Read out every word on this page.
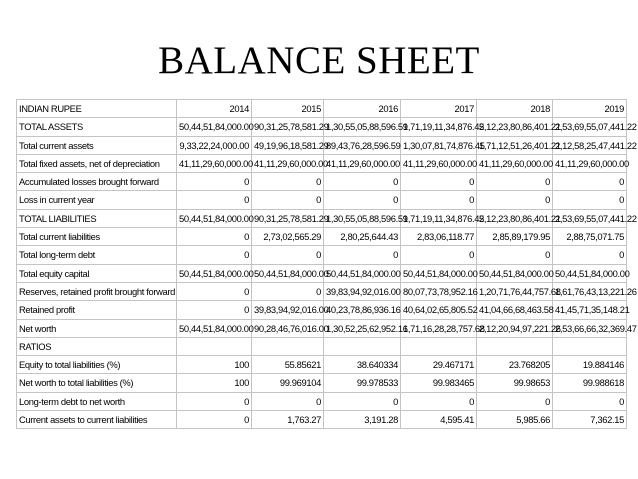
BALANCE SHEET
INDIAN RUPEE	2014	2015	2016	2017	2018	2019
TOTAL ASSETS	50,44,51,84,000.00	90,31,25,78,581.29	1,30,55,05,88,596.59	1,71,19,11,34,876.45	2,12,23,80,86,401.21	2,53,69,55,07,441.22
Total current assets	9,33,22,24,000.00	49,19,96,18,581.29	89,43,76,28,596.59	1,30,07,81,74,876.45	1,71,12,51,26,401.21	2,12,58,25,47,441.22
Total fixed assets, net of depreciation	41,11,29,60,000.00	41,11,29,60,000.00	41,11,29,60,000.00	41,11,29,60,000.00	41,11,29,60,000.00	41,11,29,60,000.00
Accumulated losses brought forward	0	0	0	0	0	0
Loss in current year	0	0	0	0	0	0
TOTAL LIABILITIES	50,44,51,84,000.00	90,31,25,78,581.29	1,30,55,05,88,596.59	1,71,19,11,34,876.45	2,12,23,80,86,401.21	2,53,69,55,07,441.22
Total current liabilities	0	2,73,02,565.29	2,80,25,644.43	2,83,06,118.77	2,85,89,179.95	2,88,75,071.75
Total long-term debt	0	0	0	0	0	0
Total equity capital	50,44,51,84,000.00	50,44,51,84,000.00	50,44,51,84,000.00	50,44,51,84,000.00	50,44,51,84,000.00	50,44,51,84,000.00
Reserves, retained profit brought forward	0	0	39,83,94,92,016.00	80,07,73,78,952.16	1,20,71,76,44,757.68	1,61,76,43,13,221.26
Retained profit	0	39,83,94,92,016.00	40,23,78,86,936.16	40,64,02,65,805.52	41,04,66,68,463.58	41,45,71,35,148.21
Net worth	50,44,51,84,000.00	90,28,46,76,016.00	1,30,52,25,62,952.16	1,71,16,28,28,757.68	2,12,20,94,97,221.26	2,53,66,66,32,369.47
RATIOS						
Equity to total liabilities (%)	100	55.85621	38.640334	29.467171	23.768205	19.884146
Net worth to total liabilities (%)	100	99.969104	99.978533	99.983465	99.98653	99.988618
Long-term debt to net worth	0	0	0	0	0	0
Current assets to current liabilities	0	1,763.27	3,191.28	4,595.41	5,985.66	7,362.15
